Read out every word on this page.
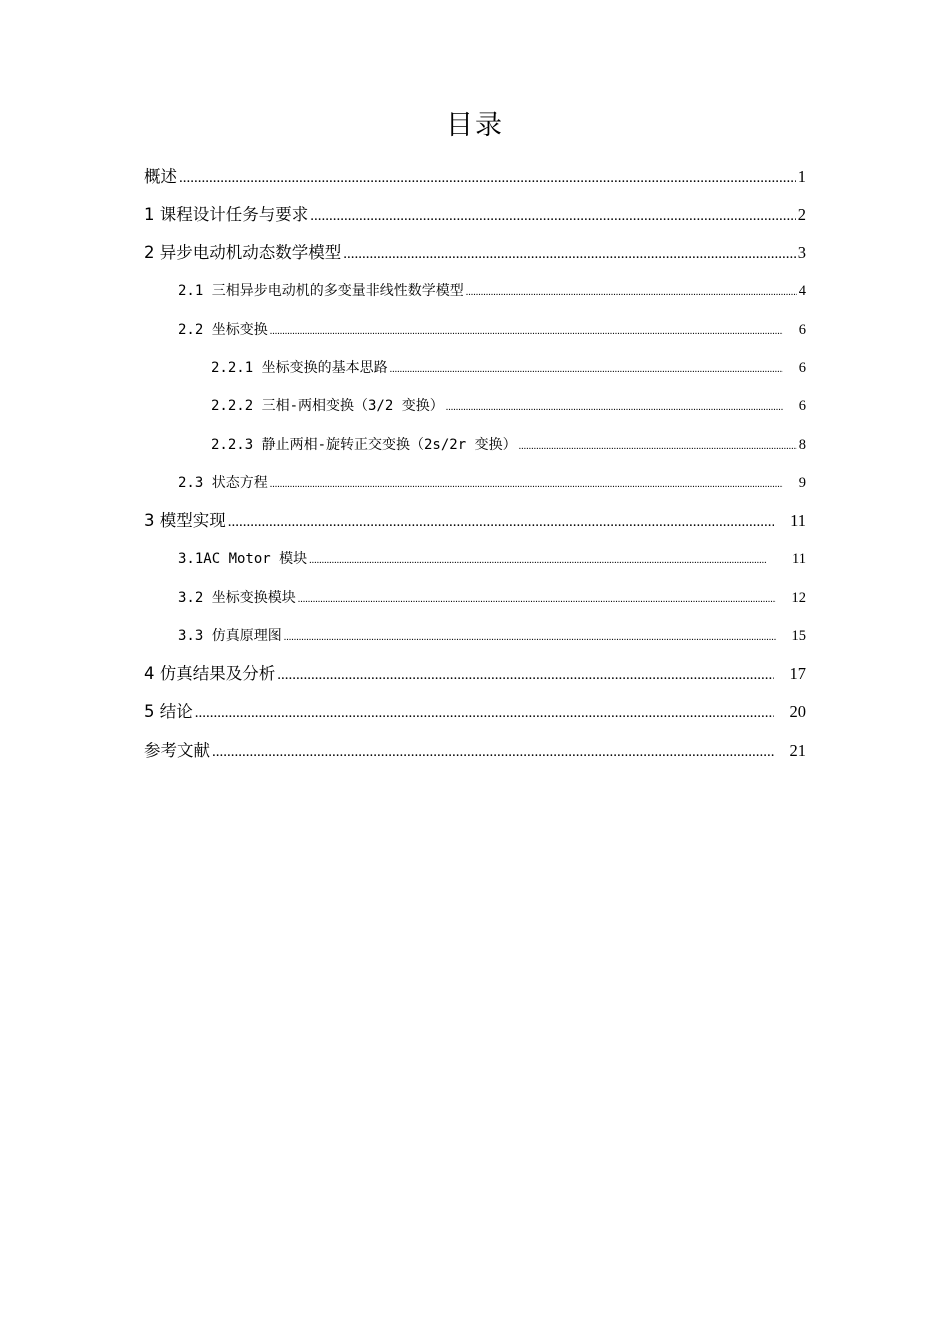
目录
概述 .....	1
1 课程设计任务与要求 .....	2
2 异步电动机动态数学模型 .....	3
2.1 三相异步电动机的多变量非线性数学模型 .....	4
2.2 坐标变换 .....	6
2.2.1 坐标变换的基本思路 .....	6
2.2.2 三相-两相变换（3/2 变换） .....	6
2.2.3 静止两相-旋转正交变换（2s/2r 变换） .....	8
2.3 状态方程 .....	9
3 模型实现 .....	11
3.1AC Motor 模块 .....	11
3.2 坐标变换模块 .....	12
3.3 仿真原理图 .....	15
4 仿真结果及分析 .....	17
5 结论 .....	20
参考文献 .....	21
